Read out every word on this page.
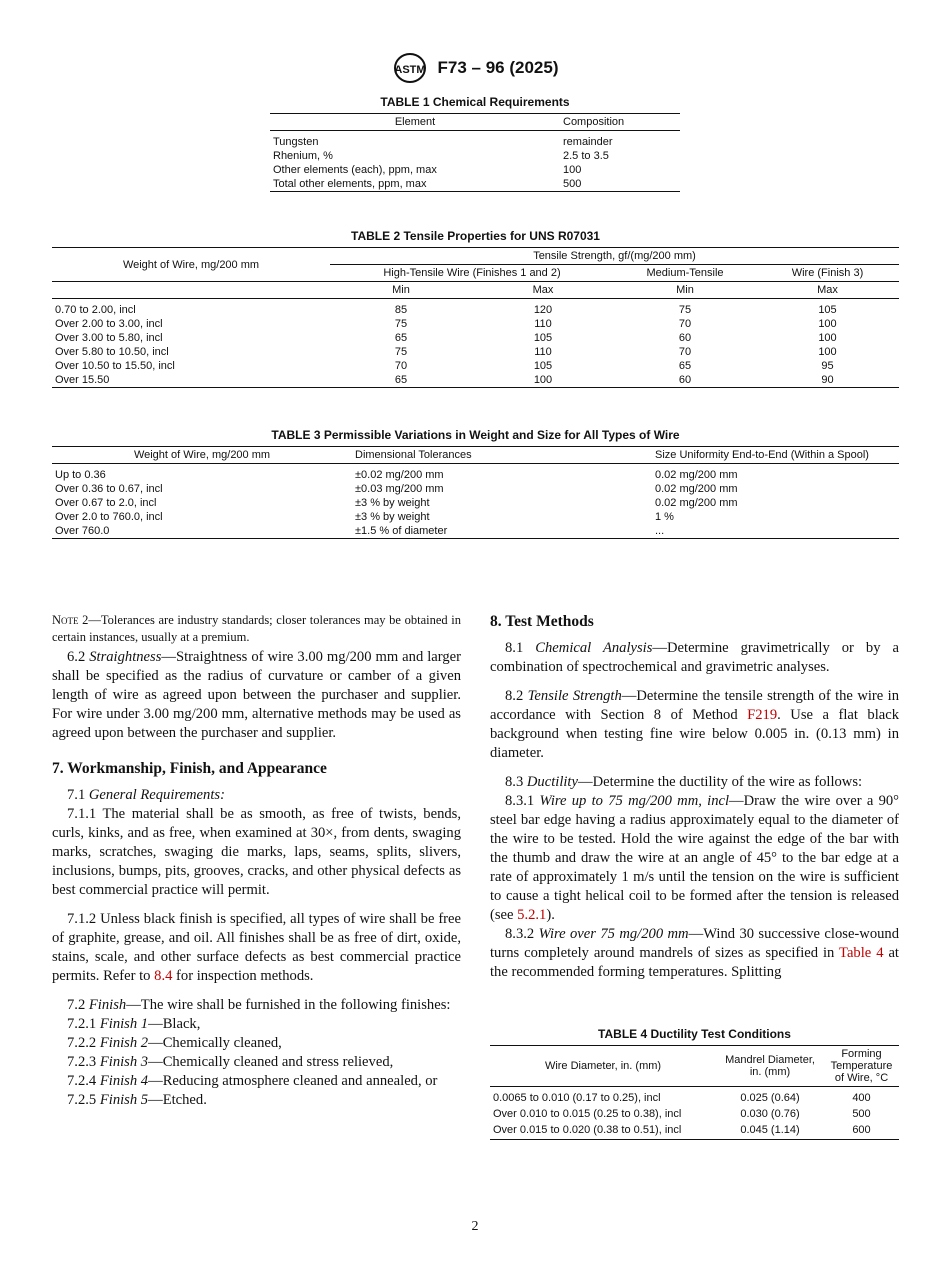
ASTM F73 – 96 (2025)
TABLE 1 Chemical Requirements
Element	Composition

Tungsten	remainder
Rhenium, %	2.5 to 3.5
Other elements (each), ppm, max	100
Total other elements, ppm, max	500
TABLE 2 Tensile Properties for UNS R07031
Weight of Wire, mg/200 mm	Tensile Strength, gf/(mg/200 mm)			
	High-Tensile Wire (Finishes 1 and 2)		Medium-Tensile	Wire (Finish 3)
	Min	Max	Min	Max

0.70 to 2.00, incl	85	120	75	105
Over 2.00 to 3.00, incl	75	110	70	100
Over 3.00 to 5.80, incl	65	105	60	100
Over 5.80 to 10.50, incl	75	110	70	100
Over 10.50 to 15.50, incl	70	105	65	95
Over 15.50	65	100	60	90
TABLE 3 Permissible Variations in Weight and Size for All Types of Wire
Weight of Wire, mg/200 mm	Dimensional Tolerances	Size Uniformity End-to-End (Within a Spool)

Up to 0.36	±0.02 mg/200 mm	0.02 mg/200 mm
Over 0.36 to 0.67, incl	±0.03 mg/200 mm	0.02 mg/200 mm
Over 0.67 to 2.0, incl	±3 % by weight	0.02 mg/200 mm
Over 2.0 to 760.0, incl	±3 % by weight	1 %
Over 760.0	±1.5 % of diameter	...

Note 2—Tolerances are industry standards; closer tolerances may be obtained in certain instances, usually at a premium.

6.2 Straightness—Straightness of wire 3.00 mg/200 mm and larger shall be specified as the radius of curvature or camber of a given length of wire as agreed upon between the purchaser and supplier. For wire under 3.00 mg/200 mm, alternative methods may be used as agreed upon between the purchaser and supplier.

7. Workmanship, Finish, and Appearance

7.1 General Requirements:

7.1.1 The material shall be as smooth, as free of twists, bends, curls, kinks, and as free, when examined at 30×, from dents, swaging marks, scratches, swaging die marks, laps, seams, splits, slivers, inclusions, bumps, pits, grooves, cracks, and other physical defects as best commercial practice will permit.

7.1.2 Unless black finish is specified, all types of wire shall be free of graphite, grease, and oil. All finishes shall be as free of dirt, oxide, stains, scale, and other surface defects as best commercial practice permits. Refer to 8.4 for inspection methods.

7.2 Finish—The wire shall be furnished in the following finishes:

7.2.1 Finish 1—Black,

7.2.2 Finish 2—Chemically cleaned,

7.2.3 Finish 3—Chemically cleaned and stress relieved,

7.2.4 Finish 4—Reducing atmosphere cleaned and annealed, or

7.2.5 Finish 5—Etched.

8. Test Methods

8.1 Chemical Analysis—Determine gravimetrically or by a combination of spectrochemical and gravimetric analyses.

8.2 Tensile Strength—Determine the tensile strength of the wire in accordance with Section 8 of Method F219. Use a flat black background when testing fine wire below 0.005 in. (0.13 mm) in diameter.

8.3 Ductility—Determine the ductility of the wire as follows:

8.3.1 Wire up to 75 mg/200 mm, incl—Draw the wire over a 90° steel bar edge having a radius approximately equal to the diameter of the wire to be tested. Hold the wire against the edge of the bar with the thumb and draw the wire at an angle of 45° to the bar edge at a rate of approximately 1 m/s until the tension on the wire is sufficient to cause a tight helical coil to be formed after the tension is released (see 5.2.1).

8.3.2 Wire over 75 mg/200 mm—Wind 30 successive close-wound turns completely around mandrels of sizes as specified in Table 4 at the recommended forming temperatures. Splitting

TABLE 4 Ductility Test Conditions
Wire Diameter, in. (mm)	Mandrel Diameter, in. (mm)	Forming Temperature of Wire, °C

0.0065 to 0.010 (0.17 to 0.25), incl	0.025 (0.64)	400
Over 0.010 to 0.015 (0.25 to 0.38), incl	0.030 (0.76)	500
Over 0.015 to 0.020 (0.38 to 0.51), incl	0.045 (1.14)	600
2
